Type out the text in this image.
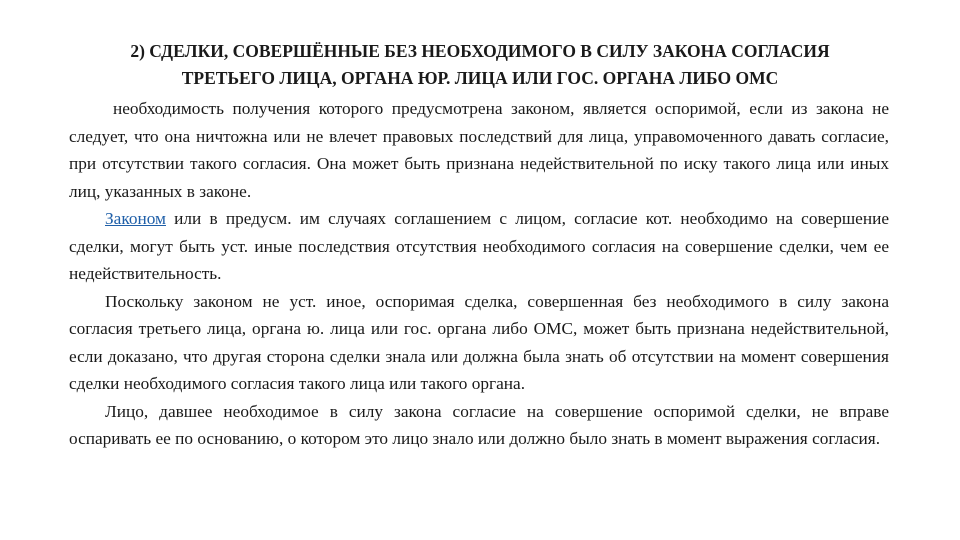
2) СДЕЛКИ, СОВЕРШЁННЫЕ БЕЗ НЕОБХОДИМОГО В СИЛУ ЗАКОНА СОГЛАСИЯ
ТРЕТЬЕГО ЛИЦА, ОРГАНА ЮР. ЛИЦА ИЛИ ГОС. ОРГАНА ЛИБО ОМС

необходимость получения которого предусмотрена законом, является оспоримой, если из закона не следует, что она ничтожна или не влечет правовых последствий для лица, управомоченного давать согласие, при отсутствии такого согласия. Она может быть признана недействительной по иску такого лица или иных лиц, указанных в законе.

Законом или в предусм. им случаях соглашением с лицом, согласие кот. необходимо на совершение сделки, могут быть уст. иные последствия отсутствия необходимого согласия на совершение сделки, чем ее недействительность.

Поскольку законом не уст. иное, оспоримая сделка, совершенная без необходимого в силу закона согласия третьего лица, органа ю. лица или гос. органа либо ОМС, может быть признана недействительной, если доказано, что другая сторона сделки знала или должна была знать об отсутствии на момент совершения сделки необходимого согласия такого лица или такого органа.

Лицо, давшее необходимое в силу закона согласие на совершение оспоримой сделки, не вправе оспаривать ее по основанию, о котором это лицо знало или должно было знать в момент выражения согласия.
